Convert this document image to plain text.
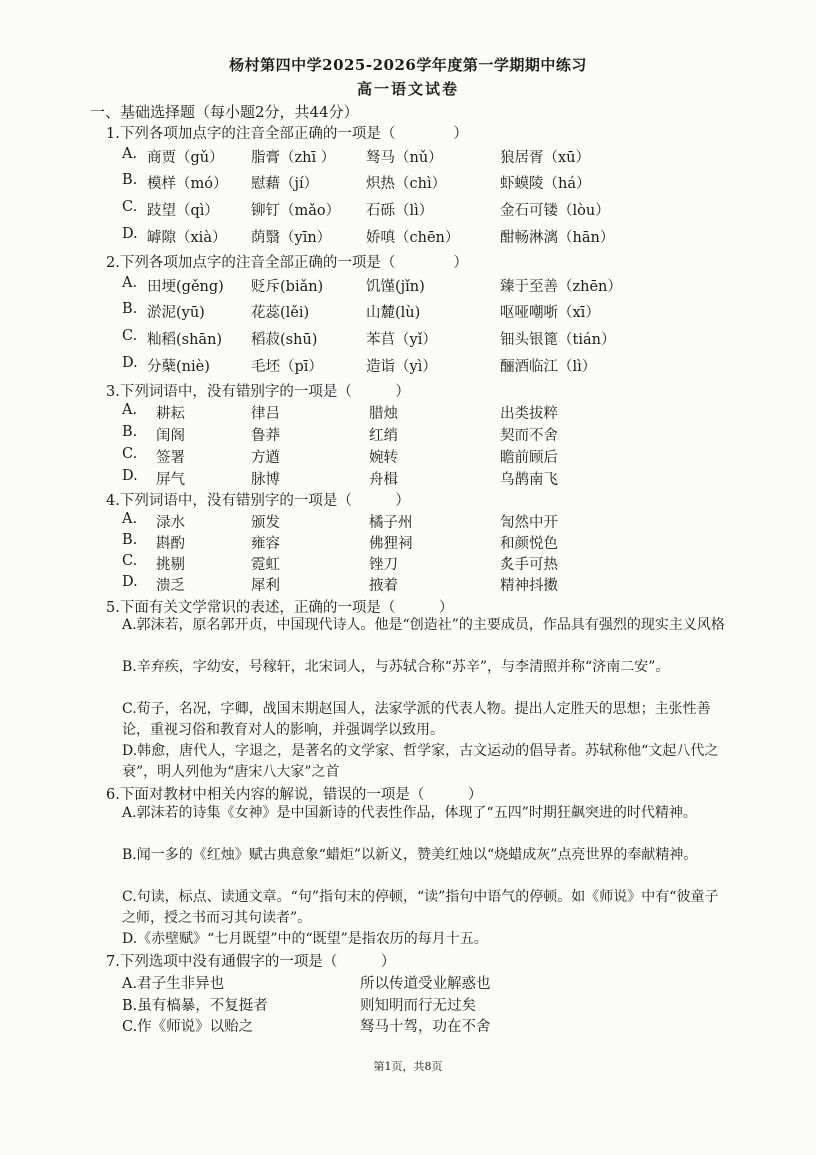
杨村第四中学2025-2026学年度第一学期期中练习
高一语文试卷
一、基础选择题（每小题2分，共44分）
1.下列各项加点字的注音全部正确的一项是（　　　　）
A. 商贾（gǔ） 脂膏（zhī ） 驽马（nǔ）	狼居胥（xū）
B. 模样（mó） 慰藉（jí）	炽热（chì）	虾蟆陵（há）
C. 跂望（qì） 铆钉（mǎo） 石砾（lì）	金石可镂（lòu）
D. 罅隙（xià） 荫翳（yīn） 娇嗔（chēn）	酣畅淋漓（hān）
2.下列各项加点字的注音全部正确的一项是（　　　　）
A. 田埂(gěng) 贬斥(biǎn)	饥馑(jǐn)	臻于至善（zhēn）
B. 淤泥(yū)	花蕊(lěi)	山麓(lù)	呕哑嘲哳（xī）
C. 籼稻(shān) 稻菽(shū)	苯苢（yǐ）	钿头银篦（tián）
D. 分蘖(niè)	毛坯（pī）	造诣（yì）	酾酒临江（lì）
3.下列词语中，没有错别字的一项是（　　　）
A. 耕耘	律吕	腊烛	出类拔粹
B. 闺阁	鲁莽	红绡	契而不舍
C. 签署	方遒	婉转	瞻前顾后
D. 屏气	脉博	舟楫	乌鹊南飞
4.下列词语中，没有错别字的一项是（　　　）
A. 渌水	颁发	橘子州	訇然中开
B. 斟酌	雍容	佛狸祠	和颜悦色
C. 挑剔	霓虹	锉刀	炙手可热
D. 溃乏	犀利	掖着	精神抖擞
5.下面有关文学常识的表述，正确的一项是（　　　）
A.郭沫若，原名郭开贞，中国现代诗人。他是“创造社”的主要成员，作品具有强烈的现实主义风格
B.辛弃疾，字幼安，号稼轩，北宋词人，与苏轼合称“苏辛”，与李清照并称“济南二安”。
C.荀子，名况，字卿，战国末期赵国人，法家学派的代表人物。提出人定胜天的思想；主张性善论，重视习俗和教育对人的影响，并强调学以致用。
D.韩愈，唐代人，字退之，是著名的文学家、哲学家，古文运动的倡导者。苏轼称他“文起八代之衰”，明人列他为“唐宋八大家”之首
6.下面对教材中相关内容的解说，错误的一项是（　　　）
A.郭沫若的诗集《女神》是中国新诗的代表性作品，体现了“五四”时期狂飙突进的时代精神。
B.闻一多的《红烛》赋古典意象“蜡炬”以新义，赞美红烛以“烧蜡成灰”点亮世界的奉献精神。
C.句读，标点、读通文章。“句”指句末的停顿，“读”指句中语气的停顿。如《师说》中有“彼童子之师，授之书而习其句读者”。
D.《赤壁赋》“七月既望”中的“既望”是指农历的每月十五。
7.下列选项中没有通假字的一项是（　　　）
A.君子生非异也	所以传道受业解惑也
B.虽有槁暴，不复挺者	则知明而行无过矣
C.作《师说》以贻之	驽马十驾，功在不舍
第1页，共8页
